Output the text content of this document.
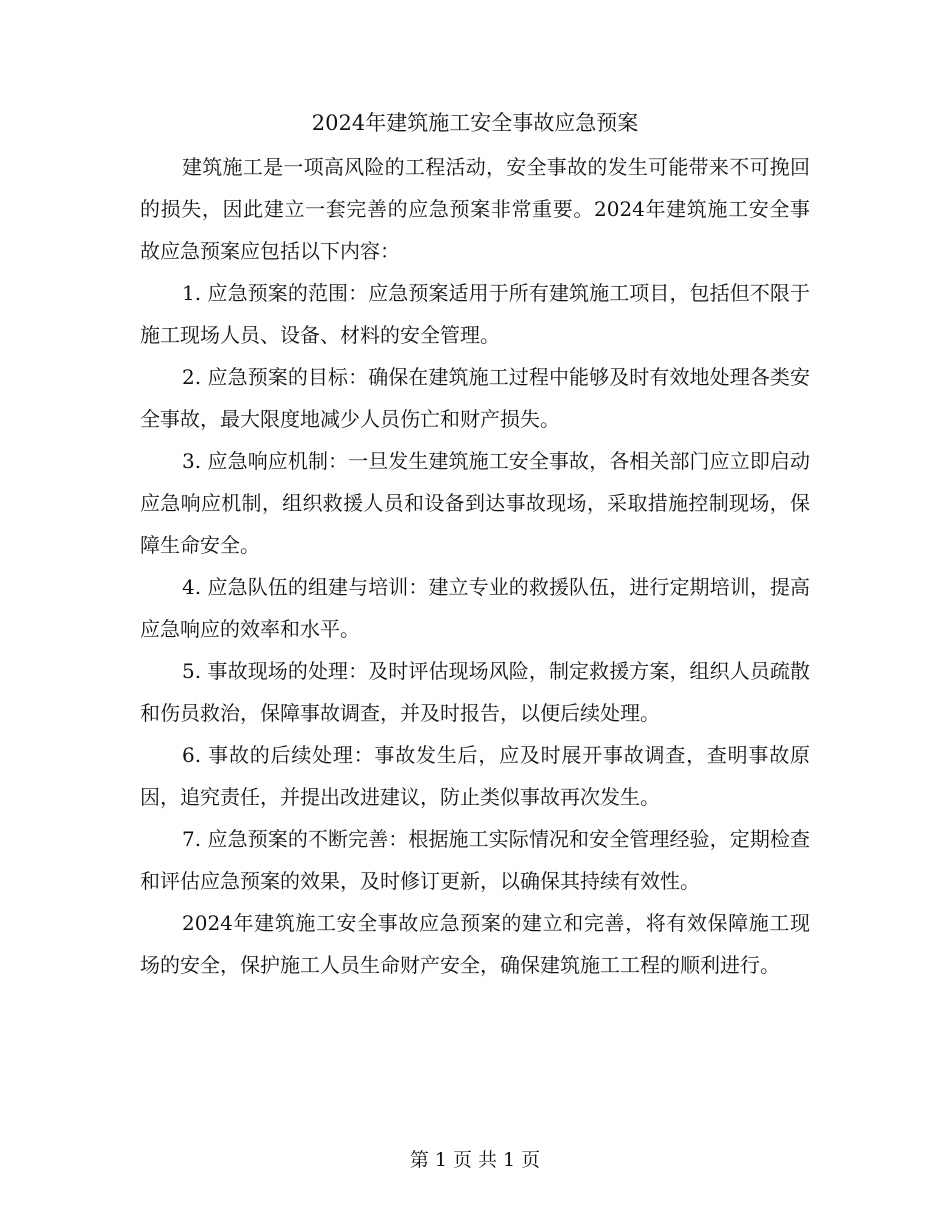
2024年建筑施工安全事故应急预案

建筑施工是一项高风险的工程活动，安全事故的发生可能带来不可挽回的损失，因此建立一套完善的应急预案非常重要。2024年建筑施工安全事故应急预案应包括以下内容：

1. 应急预案的范围：应急预案适用于所有建筑施工项目，包括但不限于施工现场人员、设备、材料的安全管理。

2. 应急预案的目标：确保在建筑施工过程中能够及时有效地处理各类安全事故，最大限度地减少人员伤亡和财产损失。

3. 应急响应机制：一旦发生建筑施工安全事故，各相关部门应立即启动应急响应机制，组织救援人员和设备到达事故现场，采取措施控制现场，保障生命安全。

4. 应急队伍的组建与培训：建立专业的救援队伍，进行定期培训，提高应急响应的效率和水平。

5. 事故现场的处理：及时评估现场风险，制定救援方案，组织人员疏散和伤员救治，保障事故调查，并及时报告，以便后续处理。

6. 事故的后续处理：事故发生后，应及时展开事故调查，查明事故原因，追究责任，并提出改进建议，防止类似事故再次发生。

7. 应急预案的不断完善：根据施工实际情况和安全管理经验，定期检查和评估应急预案的效果，及时修订更新，以确保其持续有效性。

2024年建筑施工安全事故应急预案的建立和完善，将有效保障施工现场的安全，保护施工人员生命财产安全，确保建筑施工工程的顺利进行。

第 1 页 共 1 页
